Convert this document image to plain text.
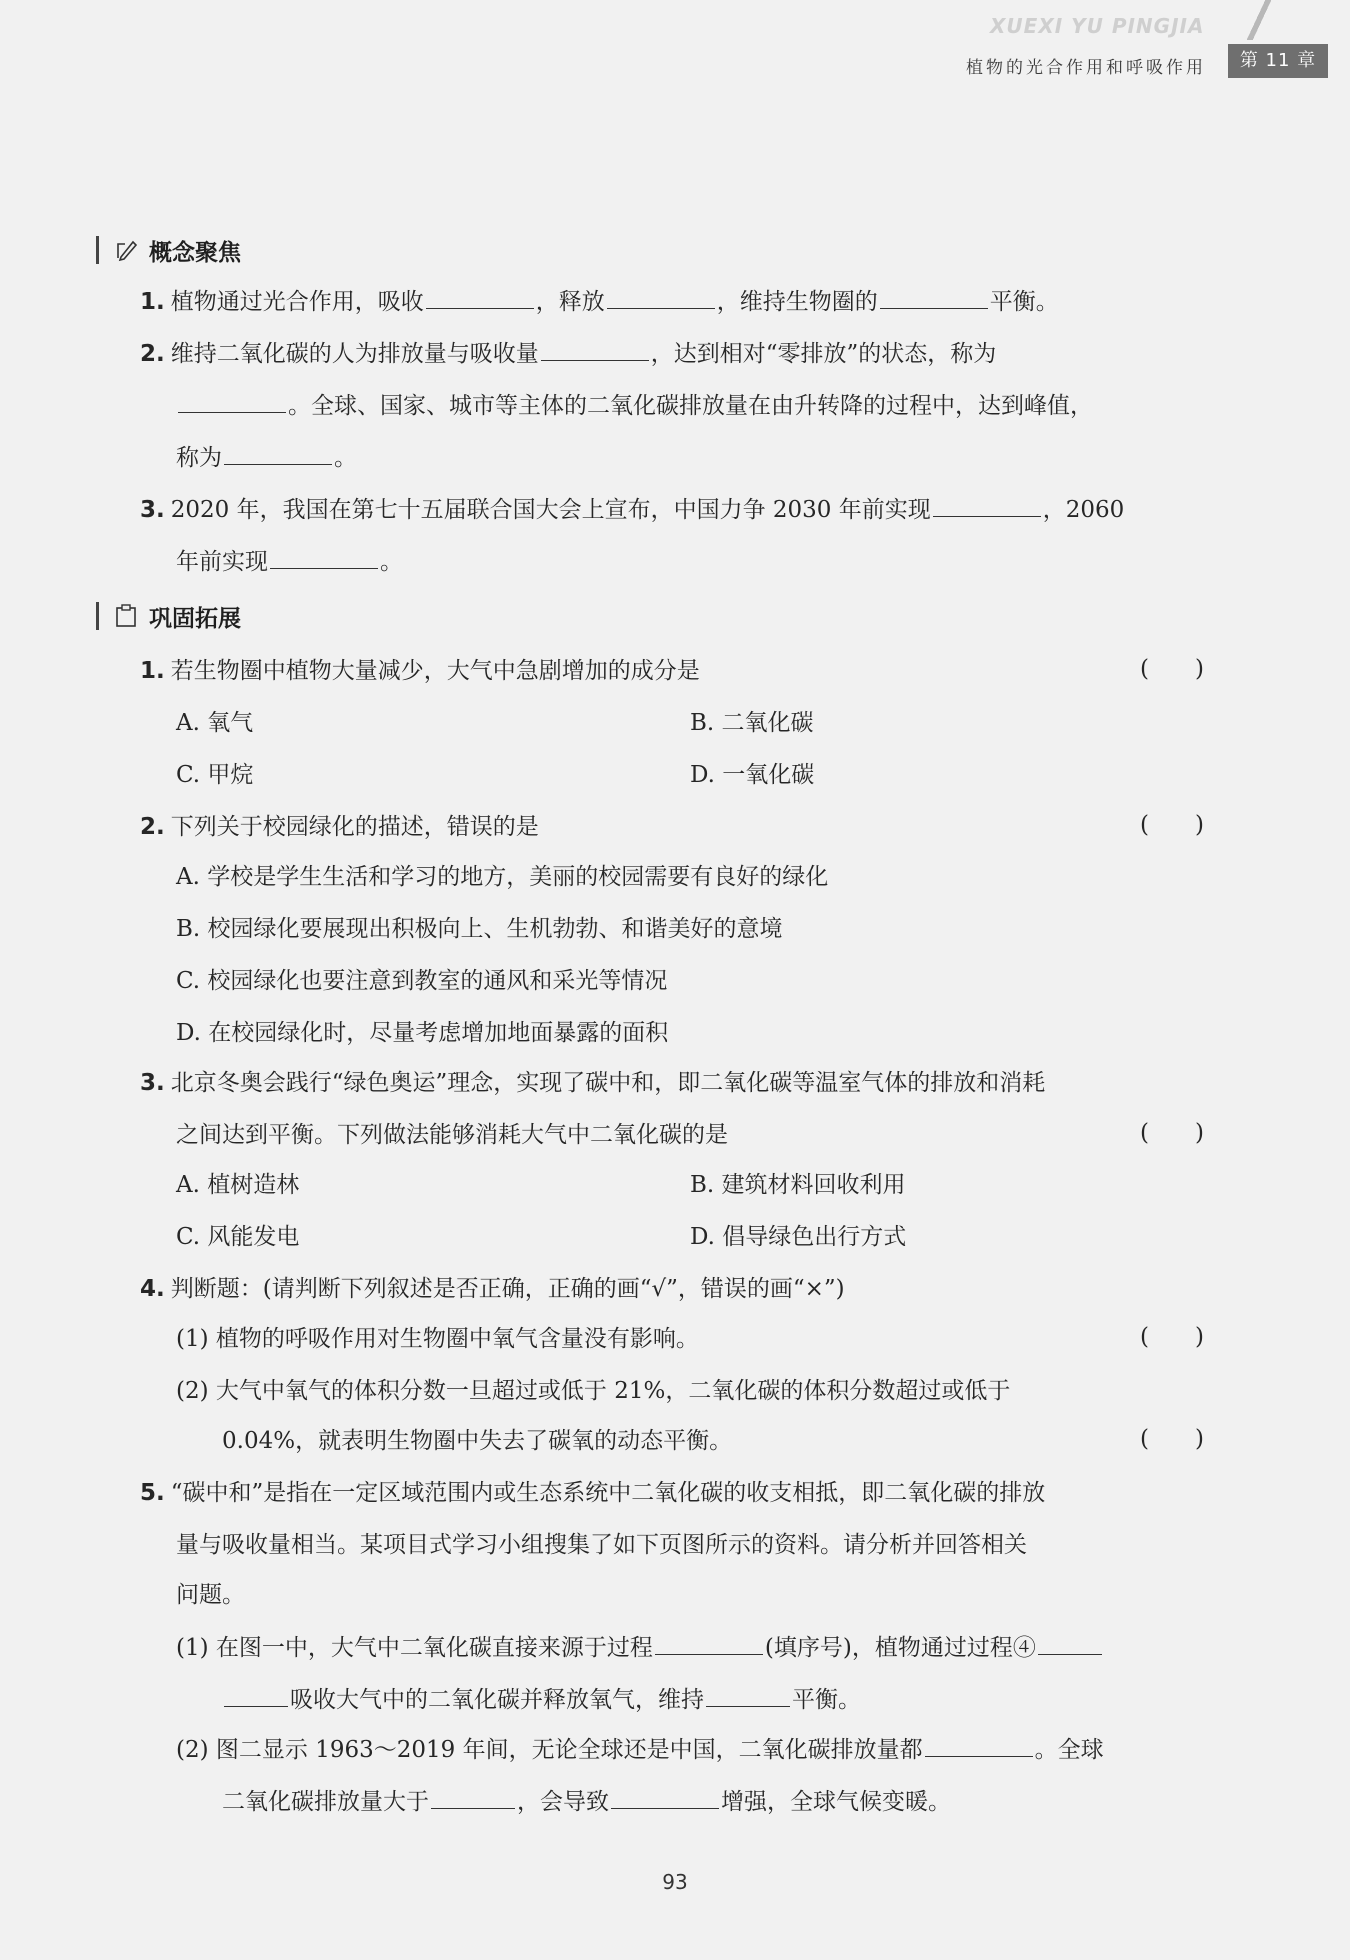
XUEXI YU PINGJIA
植物的光合作用和呼吸作用	第 11 章
概念聚焦
1. 植物通过光合作用，吸收	，释放	，维持生物圈的	平衡。
2. 维持二氧化碳的人为排放量与吸收量	，达到相对“零排放”的状态，称为
。全球、国家、城市等主体的二氧化碳排放量在由升转降的过程中，达到峰值，
称为	。
3. 2020 年，我国在第七十五届联合国大会上宣布，中国力争 2030 年前实现	，2060
年前实现	。
巩固拓展
1. 若生物圈中植物大量减少，大气中急剧增加的成分是	(　　)
A. 氧气	B. 二氧化碳
C. 甲烷	D. 一氧化碳
2. 下列关于校园绿化的描述，错误的是	(　　)
A. 学校是学生生活和学习的地方，美丽的校园需要有良好的绿化
B. 校园绿化要展现出积极向上、生机勃勃、和谐美好的意境
C. 校园绿化也要注意到教室的通风和采光等情况
D. 在校园绿化时，尽量考虑增加地面暴露的面积
3. 北京冬奥会践行“绿色奥运”理念，实现了碳中和，即二氧化碳等温室气体的排放和消耗
之间达到平衡。下列做法能够消耗大气中二氧化碳的是	(　　)
A. 植树造林	B. 建筑材料回收利用
C. 风能发电	D. 倡导绿色出行方式
4. 判断题：(请判断下列叙述是否正确，正确的画“√”，错误的画“×”)
(1) 植物的呼吸作用对生物圈中氧气含量没有影响。	(　　)
(2) 大气中氧气的体积分数一旦超过或低于 21%，二氧化碳的体积分数超过或低于
0.04%，就表明生物圈中失去了碳氧的动态平衡。	(　　)
5. “碳中和”是指在一定区域范围内或生态系统中二氧化碳的收支相抵，即二氧化碳的排放
量与吸收量相当。某项目式学习小组搜集了如下页图所示的资料。请分析并回答相关
问题。
(1) 在图一中，大气中二氧化碳直接来源于过程	(填序号)，植物通过过程④
吸收大气中的二氧化碳并释放氧气，维持	平衡。
(2) 图二显示 1963～2019 年间，无论全球还是中国，二氧化碳排放量都	。全球
二氧化碳排放量大于	，会导致	增强，全球气候变暖。
93
